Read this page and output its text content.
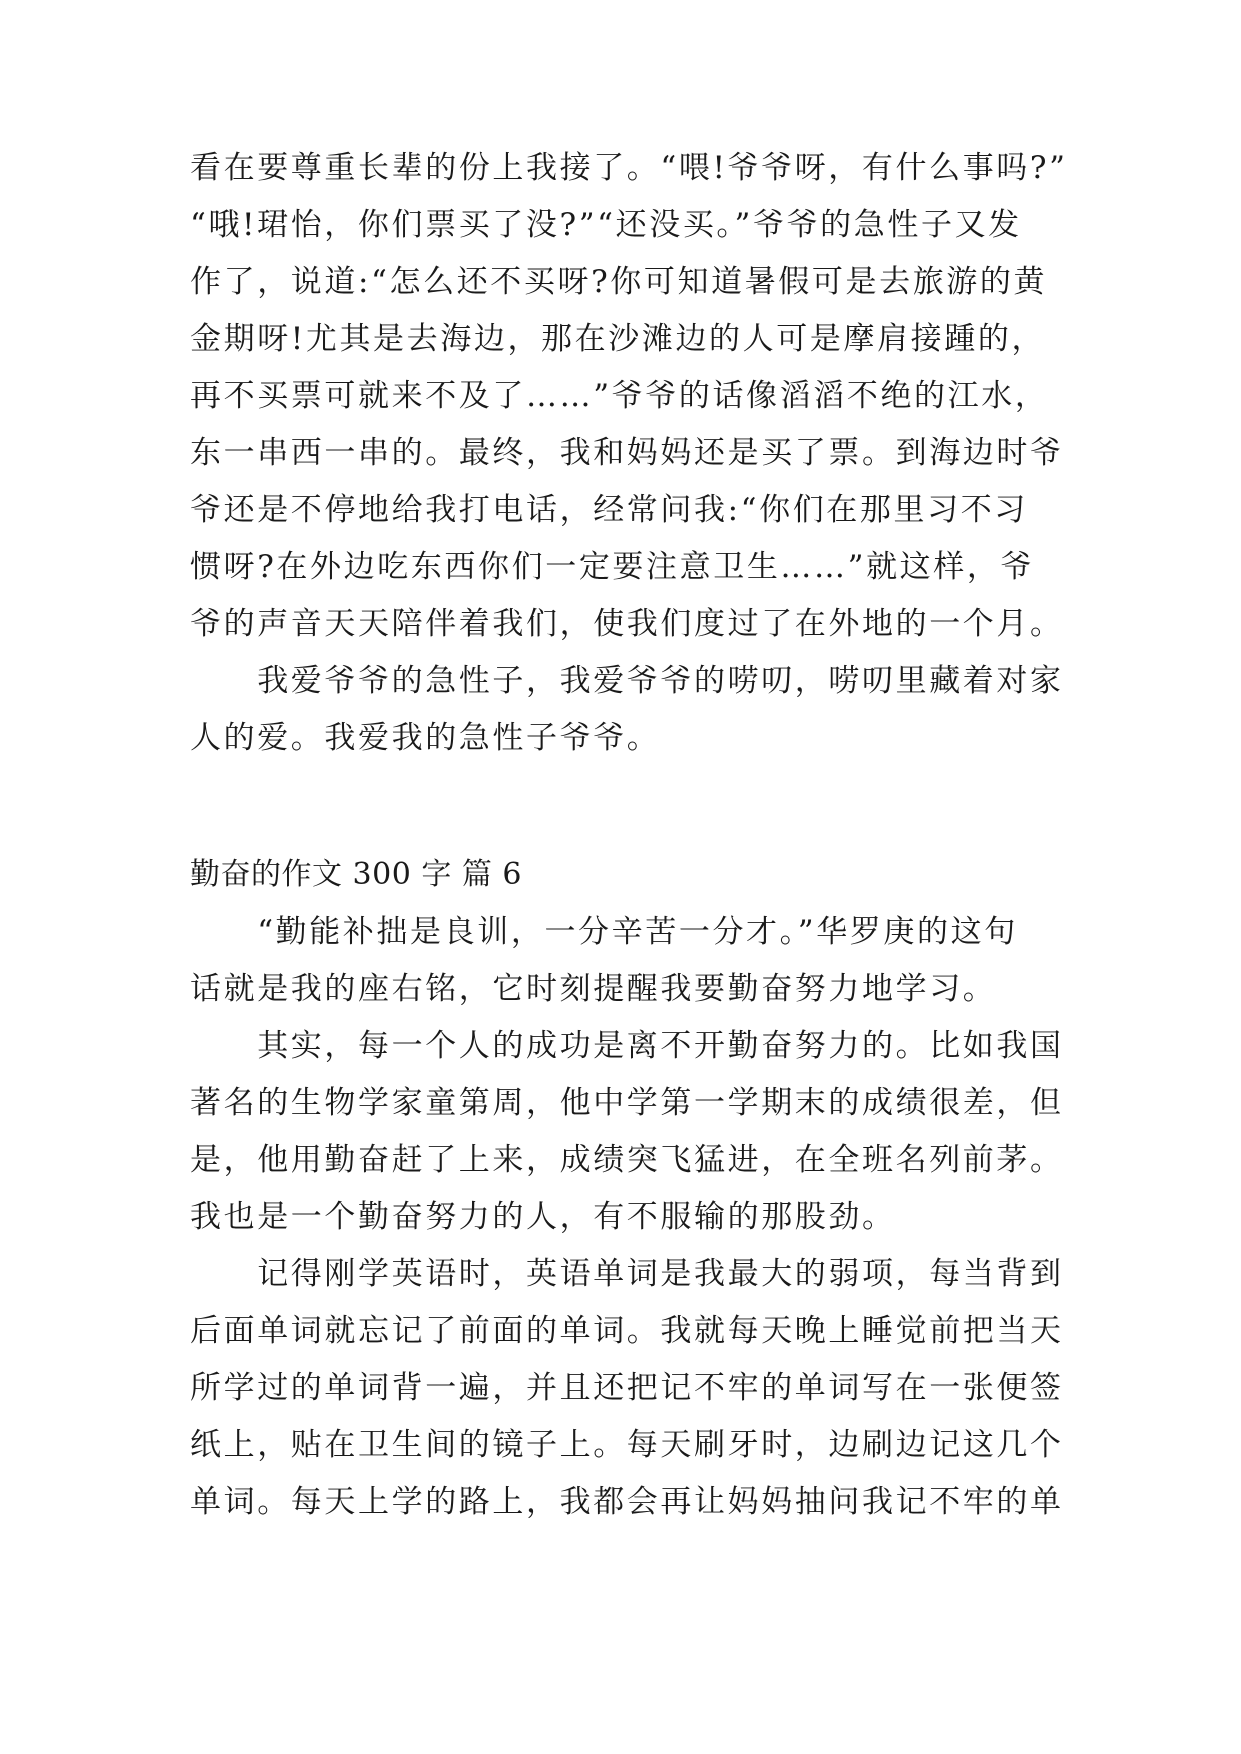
看在要尊重长辈的份上我接了。“喂!爷爷呀，有什么事吗?”
“哦!珺怡，你们票买了没?”“还没买。”爷爷的急性子又发
作了，说道:“怎么还不买呀?你可知道暑假可是去旅游的黄
金期呀!尤其是去海边，那在沙滩边的人可是摩肩接踵的，
再不买票可就来不及了……”爷爷的话像滔滔不绝的江水，
东一串西一串的。最终，我和妈妈还是买了票。到海边时爷
爷还是不停地给我打电话，经常问我:“你们在那里习不习
惯呀?在外边吃东西你们一定要注意卫生……”就这样，爷
爷的声音天天陪伴着我们，使我们度过了在外地的一个月。
　　我爱爷爷的急性子，我爱爷爷的唠叨，唠叨里藏着对家
人的爱。我爱我的急性子爷爷。
勤奋的作文 300 字 篇 6
　　“勤能补拙是良训，一分辛苦一分才。”华罗庚的这句
话就是我的座右铭，它时刻提醒我要勤奋努力地学习。
　　其实，每一个人的成功是离不开勤奋努力的。比如我国
著名的生物学家童第周，他中学第一学期末的成绩很差，但
是，他用勤奋赶了上来，成绩突飞猛进，在全班名列前茅。
我也是一个勤奋努力的人，有不服输的那股劲。
　　记得刚学英语时，英语单词是我最大的弱项，每当背到
后面单词就忘记了前面的单词。我就每天晚上睡觉前把当天
所学过的单词背一遍，并且还把记不牢的单词写在一张便签
纸上，贴在卫生间的镜子上。每天刷牙时，边刷边记这几个
单词。每天上学的路上，我都会再让妈妈抽问我记不牢的单
